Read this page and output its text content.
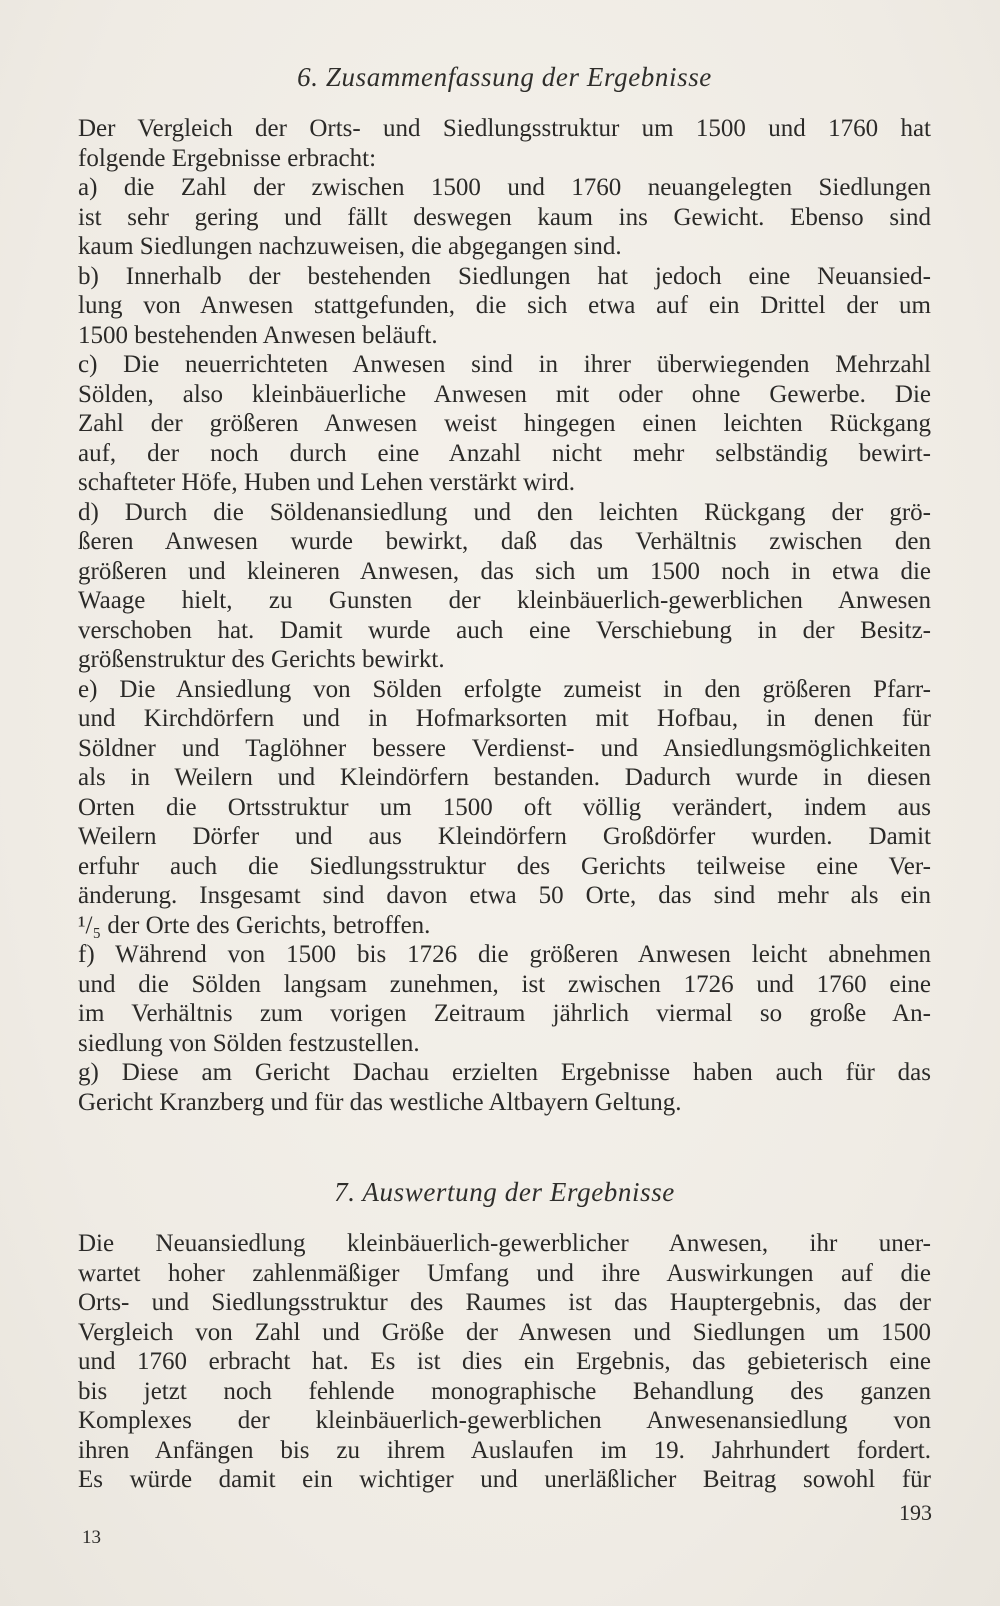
6. Zusammenfassung der Ergebnisse
Der Vergleich der Orts- und Siedlungsstruktur um 1500 und 1760 hat
folgende Ergebnisse erbracht:
a) die Zahl der zwischen 1500 und 1760 neuangelegten Siedlungen
ist sehr gering und fällt deswegen kaum ins Gewicht. Ebenso sind
kaum Siedlungen nachzuweisen, die abgegangen sind.
b) Innerhalb der bestehenden Siedlungen hat jedoch eine Neuansied-
lung von Anwesen stattgefunden, die sich etwa auf ein Drittel der um
1500 bestehenden Anwesen beläuft.
c) Die neuerrichteten Anwesen sind in ihrer überwiegenden Mehrzahl
Sölden, also kleinbäuerliche Anwesen mit oder ohne Gewerbe. Die
Zahl der größeren Anwesen weist hingegen einen leichten Rückgang
auf, der noch durch eine Anzahl nicht mehr selbständig bewirt-
schafteter Höfe, Huben und Lehen verstärkt wird.
d) Durch die Söldenansiedlung und den leichten Rückgang der grö-
ßeren Anwesen wurde bewirkt, daß das Verhältnis zwischen den
größeren und kleineren Anwesen, das sich um 1500 noch in etwa die
Waage hielt, zu Gunsten der kleinbäuerlich-gewerblichen Anwesen
verschoben hat. Damit wurde auch eine Verschiebung in der Besitz-
größenstruktur des Gerichts bewirkt.
e) Die Ansiedlung von Sölden erfolgte zumeist in den größeren Pfarr-
und Kirchdörfern und in Hofmarksorten mit Hofbau, in denen für
Söldner und Taglöhner bessere Verdienst- und Ansiedlungsmöglichkeiten
als in Weilern und Kleindörfern bestanden. Dadurch wurde in diesen
Orten die Ortsstruktur um 1500 oft völlig verändert, indem aus
Weilern Dörfer und aus Kleindörfern Großdörfer wurden. Damit
erfuhr auch die Siedlungsstruktur des Gerichts teilweise eine Ver-
änderung. Insgesamt sind davon etwa 50 Orte, das sind mehr als ein
¹/₅ der Orte des Gerichts, betroffen.
f) Während von 1500 bis 1726 die größeren Anwesen leicht abnehmen
und die Sölden langsam zunehmen, ist zwischen 1726 und 1760 eine
im Verhältnis zum vorigen Zeitraum jährlich viermal so große An-
siedlung von Sölden festzustellen.
g) Diese am Gericht Dachau erzielten Ergebnisse haben auch für das
Gericht Kranzberg und für das westliche Altbayern Geltung.
7. Auswertung der Ergebnisse
Die Neuansiedlung kleinbäuerlich-gewerblicher Anwesen, ihr uner-
wartet hoher zahlenmäßiger Umfang und ihre Auswirkungen auf die
Orts- und Siedlungsstruktur des Raumes ist das Hauptergebnis, das der
Vergleich von Zahl und Größe der Anwesen und Siedlungen um 1500
und 1760 erbracht hat. Es ist dies ein Ergebnis, das gebieterisch eine
bis jetzt noch fehlende monographische Behandlung des ganzen
Komplexes der kleinbäuerlich-gewerblichen Anwesenansiedlung von
ihren Anfängen bis zu ihrem Auslaufen im 19. Jahrhundert fordert.
Es würde damit ein wichtiger und unerläßlicher Beitrag sowohl für
193
13
